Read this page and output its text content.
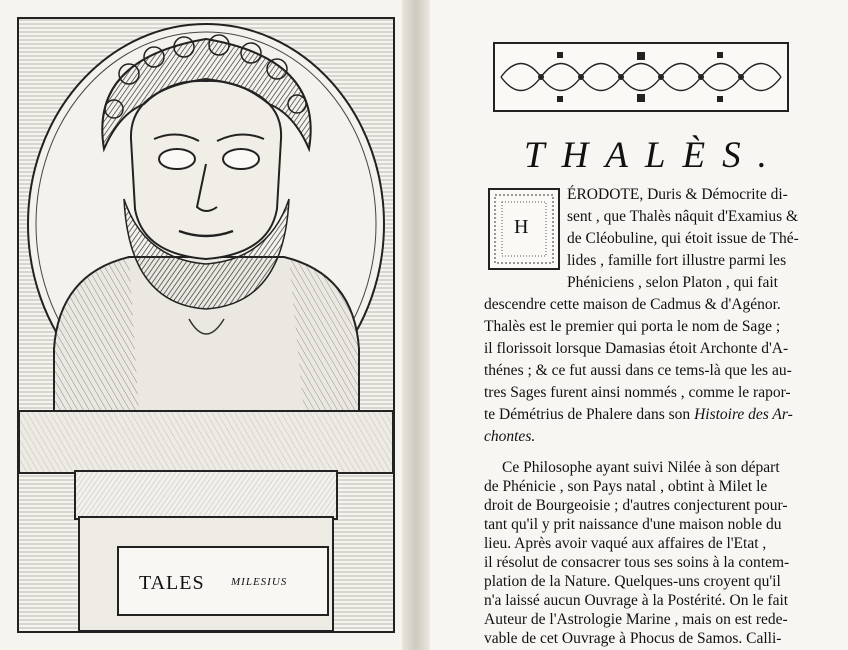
TALES MILESIUS
THALÈS.
H
ÉRODOTE, Duris & Démocrite di-
sent , que Thalès nâquit d'Examius &
de Cléobuline, qui étoit issue de Thé-
lides , famille fort illustre parmi les
Phéniciens , selon Platon , qui fait
descendre cette maison de Cadmus & d'Agénor.
Thalès est le premier qui porta le nom de Sage ;
il florissoit lorsque Damasias étoit Archonte d'A-
thénes ; & ce fut aussi dans ce tems-là que les au-
tres Sages furent ainsi nommés , comme le rapor-
te Démétrius de Phalere dans son Histoire des Ar-
chontes.
Ce Philosophe ayant suivi Nilée à son départ
de Phénicie , son Pays natal , obtint à Milet le
droit de Bourgeoisie ; d'autres conjecturent pour-
tant qu'il y prit naissance d'une maison noble du
lieu. Après avoir vaqué aux affaires de l'Etat ,
il résolut de consacrer tous ses soins à la contem-
plation de la Nature. Quelques-uns croyent qu'il
n'a laissé aucun Ouvrage à la Postérité. On le fait
Auteur de l'Astrologie Marine , mais on est rede-
vable de cet Ouvrage à Phocus de Samos. Calli-
